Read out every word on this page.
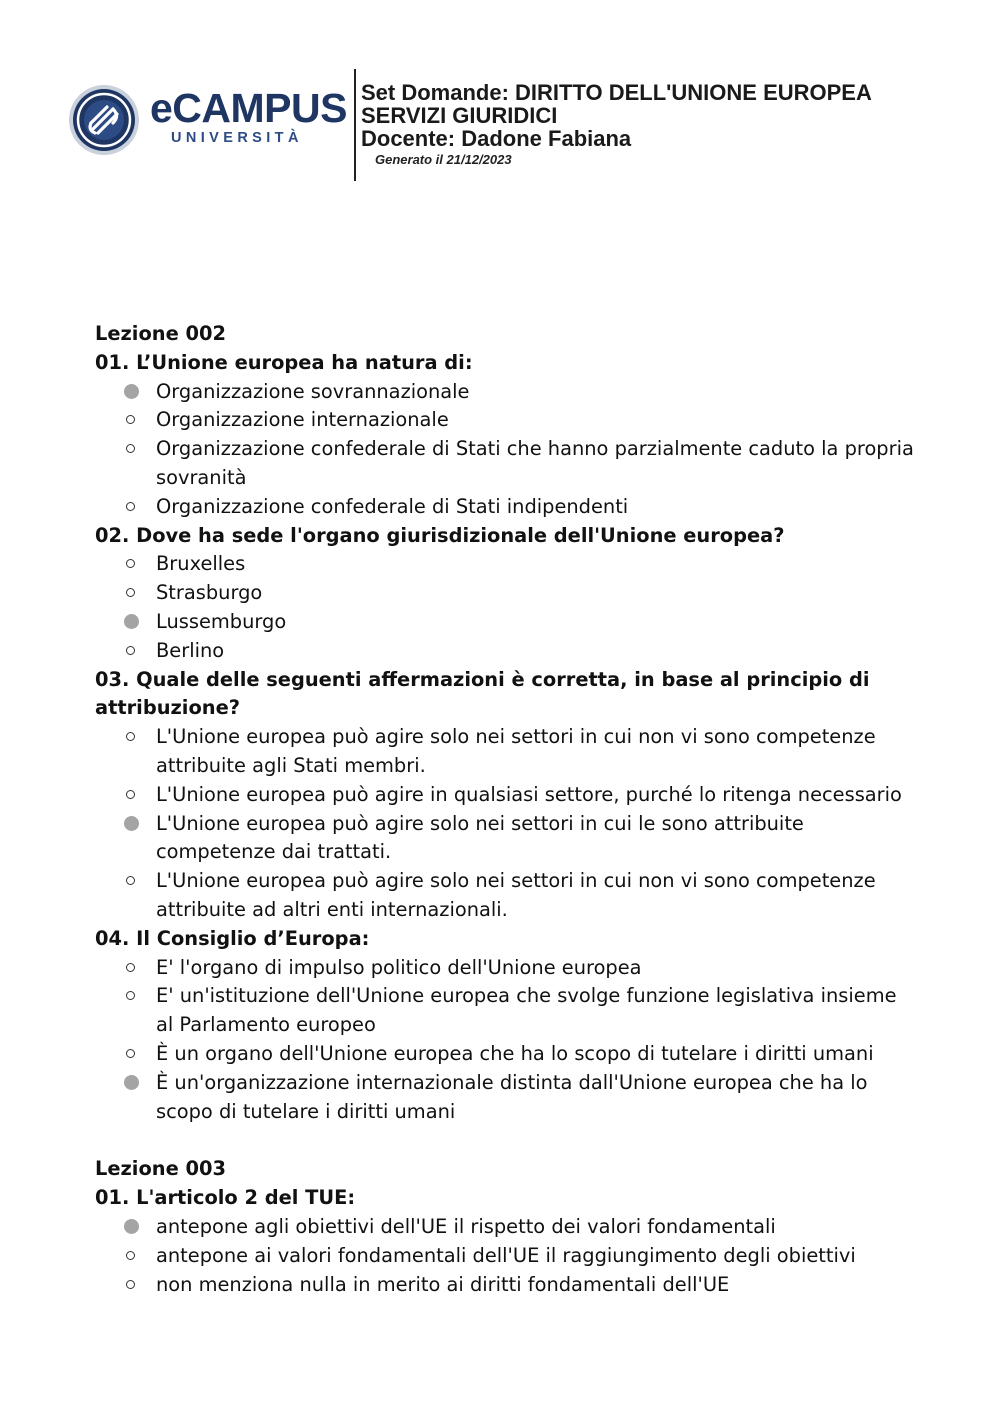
eCAMPUS
UNIVERSITÀ
Set Domande: DIRITTO DELL'UNIONE EUROPEA
SERVIZI GIURIDICI
Docente: Dadone Fabiana
Generato il 21/12/2023
Lezione 002
01. L’Unione europea ha natura di:
Organizzazione sovrannazionale
Organizzazione internazionale
Organizzazione confederale di Stati che hanno parzialmente caduto la propria sovranità
Organizzazione confederale di Stati indipendenti
02. Dove ha sede l'organo giurisdizionale dell'Unione europea?
Bruxelles
Strasburgo
Lussemburgo
Berlino
03. Quale delle seguenti affermazioni è corretta, in base al principio di attribuzione?
L'Unione europea può agire solo nei settori in cui non vi sono competenze attribuite agli Stati membri.
L'Unione europea può agire in qualsiasi settore, purché lo ritenga necessario
L'Unione europea può agire solo nei settori in cui le sono attribuite competenze dai trattati.
L'Unione europea può agire solo nei settori in cui non vi sono competenze attribuite ad altri enti internazionali.
04. Il Consiglio d’Europa:
E' l'organo di impulso politico dell'Unione europea
E' un'istituzione dell'Unione europea che svolge funzione legislativa insieme al Parlamento europeo
È un organo dell'Unione europea che ha lo scopo di tutelare i diritti umani
È un'organizzazione internazionale distinta dall'Unione europea che ha lo scopo di tutelare i diritti umani
Lezione 003
01. L'articolo 2 del TUE:
antepone agli obiettivi dell'UE il rispetto dei valori fondamentali
antepone ai valori fondamentali dell'UE il raggiungimento degli obiettivi
non menziona nulla in merito ai diritti fondamentali dell'UE
